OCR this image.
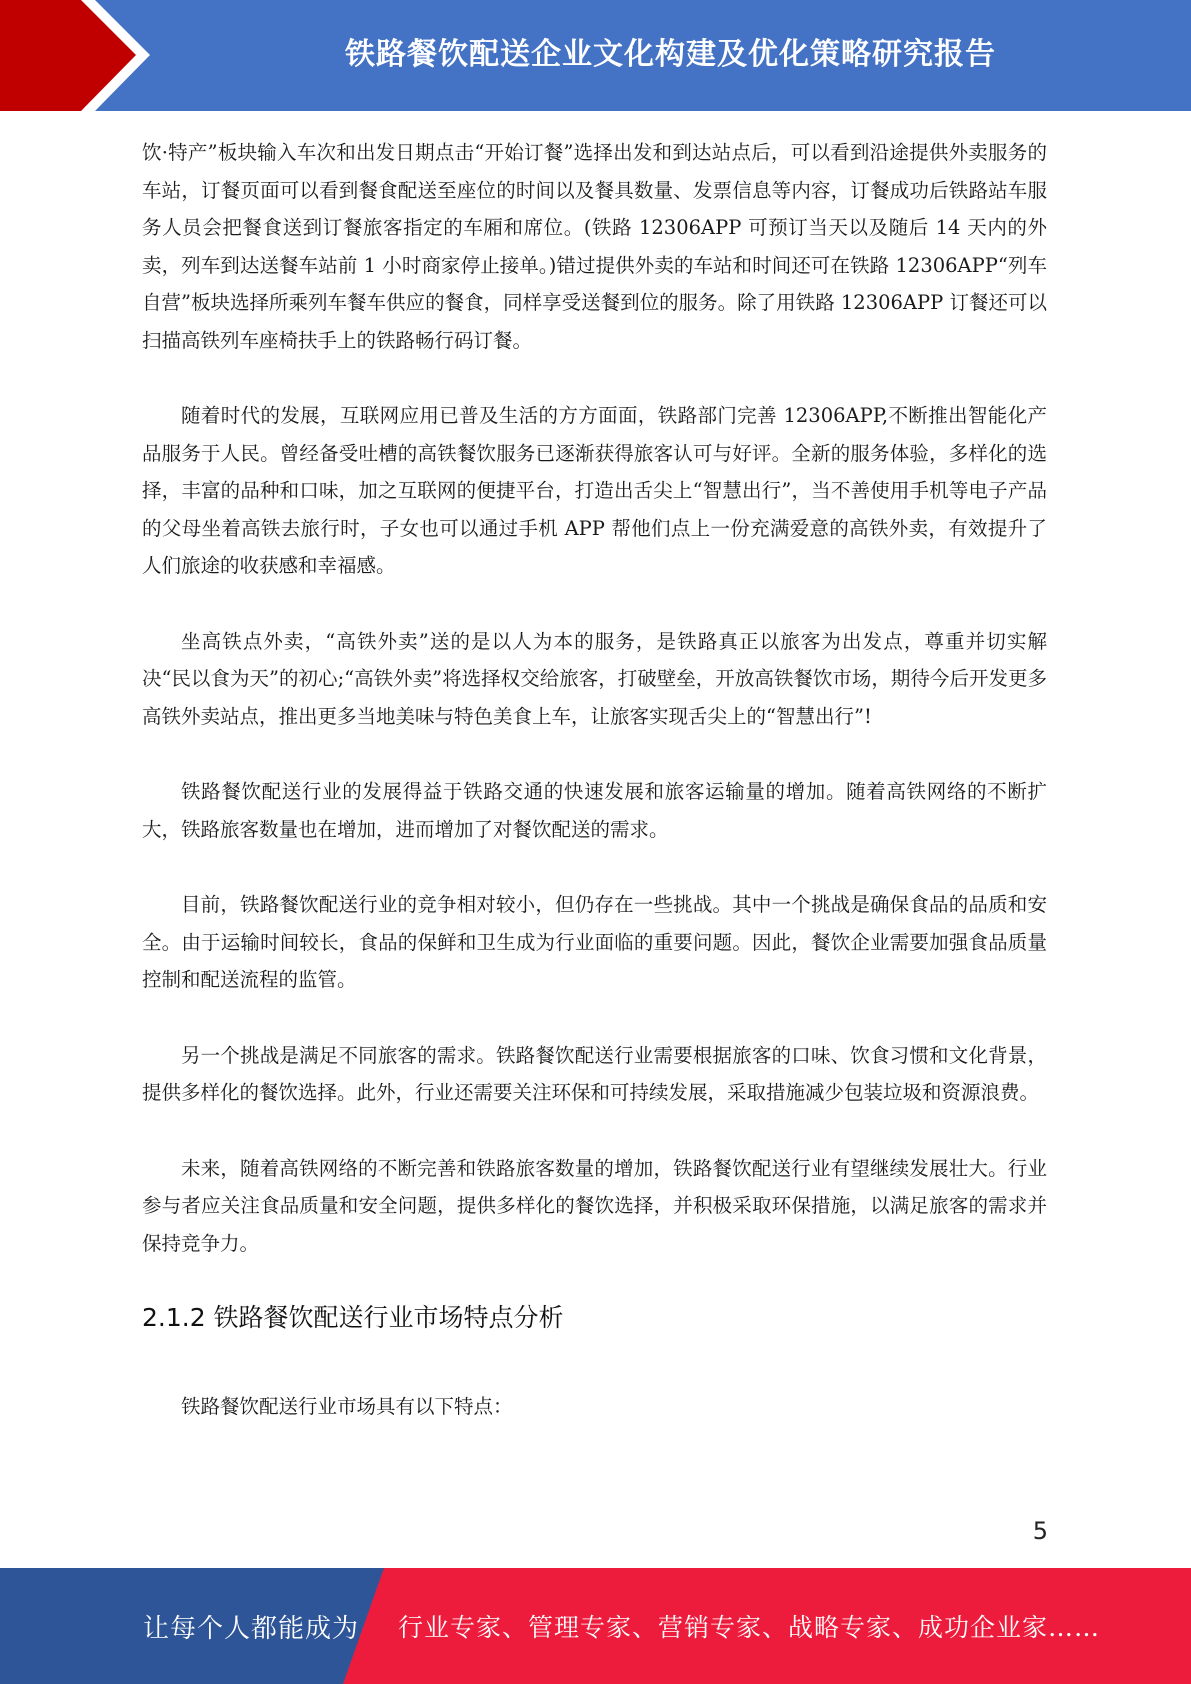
铁路餐饮配送企业文化构建及优化策略研究报告

饮·特产”板块输入车次和出发日期点击“开始订餐”选择出发和到达站点后，可以看到沿途提供外卖服务的车站，订餐页面可以看到餐食配送至座位的时间以及餐具数量、发票信息等内容，订餐成功后铁路站车服务人员会把餐食送到订餐旅客指定的车厢和席位。(铁路 12306APP 可预订当天以及随后 14 天内的外卖，列车到达送餐车站前 1 小时商家停止接单。)错过提供外卖的车站和时间还可在铁路 12306APP“列车自营”板块选择所乘列车餐车供应的餐食，同样享受送餐到位的服务。除了用铁路 12306APP 订餐还可以扫描高铁列车座椅扶手上的铁路畅行码订餐。

随着时代的发展，互联网应用已普及生活的方方面面，铁路部门完善 12306APP,不断推出智能化产品服务于人民。曾经备受吐槽的高铁餐饮服务已逐渐获得旅客认可与好评。全新的服务体验，多样化的选择，丰富的品种和口味，加之互联网的便捷平台，打造出舌尖上“智慧出行”，当不善使用手机等电子产品的父母坐着高铁去旅行时，子女也可以通过手机 APP 帮他们点上一份充满爱意的高铁外卖，有效提升了人们旅途的收获感和幸福感。

坐高铁点外卖，“高铁外卖”送的是以人为本的服务，是铁路真正以旅客为出发点，尊重并切实解决“民以食为天”的初心;“高铁外卖”将选择权交给旅客，打破壁垒，开放高铁餐饮市场，期待今后开发更多高铁外卖站点，推出更多当地美味与特色美食上车，让旅客实现舌尖上的“智慧出行”!

铁路餐饮配送行业的发展得益于铁路交通的快速发展和旅客运输量的增加。随着高铁网络的不断扩大，铁路旅客数量也在增加，进而增加了对餐饮配送的需求。

目前，铁路餐饮配送行业的竞争相对较小，但仍存在一些挑战。其中一个挑战是确保食品的品质和安全。由于运输时间较长，食品的保鲜和卫生成为行业面临的重要问题。因此，餐饮企业需要加强食品质量控制和配送流程的监管。

另一个挑战是满足不同旅客的需求。铁路餐饮配送行业需要根据旅客的口味、饮食习惯和文化背景，提供多样化的餐饮选择。此外，行业还需要关注环保和可持续发展，采取措施减少包装垃圾和资源浪费。

未来，随着高铁网络的不断完善和铁路旅客数量的增加，铁路餐饮配送行业有望继续发展壮大。行业参与者应关注食品质量和安全问题，提供多样化的餐饮选择，并积极采取环保措施，以满足旅客的需求并保持竞争力。

2.1.2 铁路餐饮配送行业市场特点分析

铁路餐饮配送行业市场具有以下特点：

5
让每个人都能成为 行业专家、管理专家、营销专家、战略专家、成功企业家……
